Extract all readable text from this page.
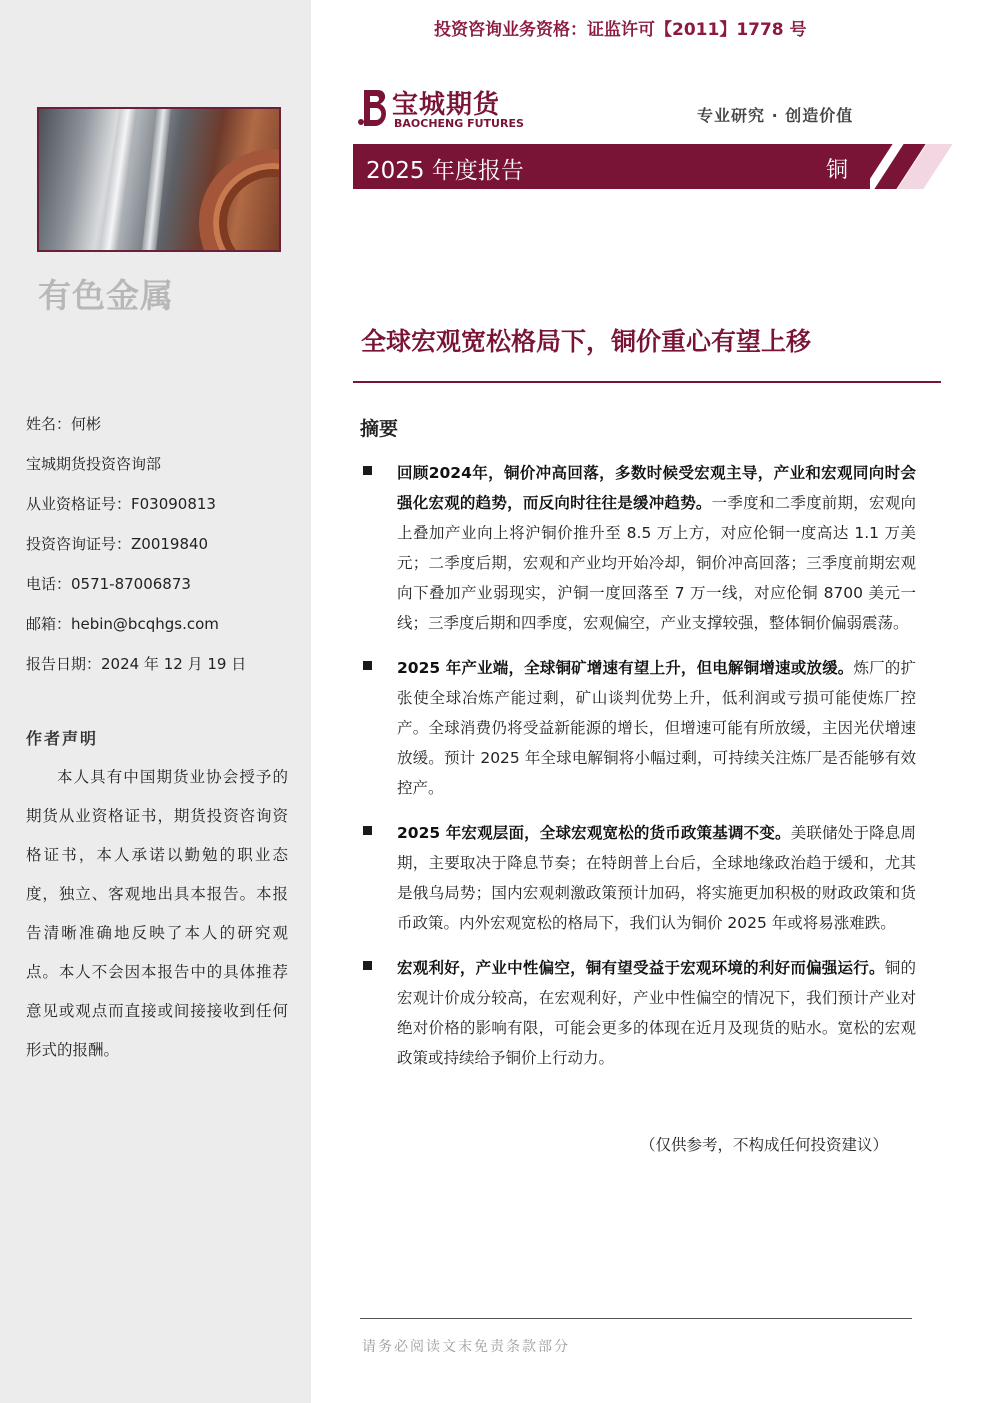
有色金属
姓名：何彬
宝城期货投资咨询部
从业资格证号：F03090813
投资咨询证号：Z0019840
电话：0571-87006873
邮箱：hebin@bcqhgs.com
报告日期：2024 年 12 月 19 日
作者声明
本人具有中国期货业协会授予的期货从业资格证书，期货投资咨询资格证书，本人承诺以勤勉的职业态度，独立、客观地出具本报告。本报告清晰准确地反映了本人的研究观点。本人不会因本报告中的具体推荐意见或观点而直接或间接接收到任何形式的报酬。
投资咨询业务资格：证监许可【2011】1778 号
宝城期货
BAOCHENG FUTURES	专业研究 · 创造价值
2025 年度报告	铜
全球宏观宽松格局下，铜价重心有望上移
摘要

回顾2024年，铜价冲高回落，多数时候受宏观主导，产业和宏观同向时会强化宏观的趋势，而反向时往往是缓冲趋势。一季度和二季度前期，宏观向上叠加产业向上将沪铜价推升至 8.5 万上方，对应伦铜一度高达 1.1 万美元；二季度后期，宏观和产业均开始冷却，铜价冲高回落；三季度前期宏观向下叠加产业弱现实，沪铜一度回落至 7 万一线，对应伦铜 8700 美元一线；三季度后期和四季度，宏观偏空，产业支撑较强，整体铜价偏弱震荡。

2025 年产业端，全球铜矿增速有望上升，但电解铜增速或放缓。炼厂的扩张使全球冶炼产能过剩，矿山谈判优势上升，低利润或亏损可能使炼厂控产。全球消费仍将受益新能源的增长，但增速可能有所放缓，主因光伏增速放缓。预计 2025 年全球电解铜将小幅过剩，可持续关注炼厂是否能够有效控产。

2025 年宏观层面，全球宏观宽松的货币政策基调不变。美联储处于降息周期，主要取决于降息节奏；在特朗普上台后，全球地缘政治趋于缓和，尤其是俄乌局势；国内宏观刺激政策预计加码，将实施更加积极的财政政策和货币政策。内外宏观宽松的格局下，我们认为铜价 2025 年或将易涨难跌。

宏观利好，产业中性偏空，铜有望受益于宏观环境的利好而偏强运行。铜的宏观计价成分较高，在宏观利好，产业中性偏空的情况下，我们预计产业对绝对价格的影响有限，可能会更多的体现在近月及现货的贴水。宽松的宏观政策或持续给予铜价上行动力。

（仅供参考，不构成任何投资建议）
请务必阅读文末免责条款部分
